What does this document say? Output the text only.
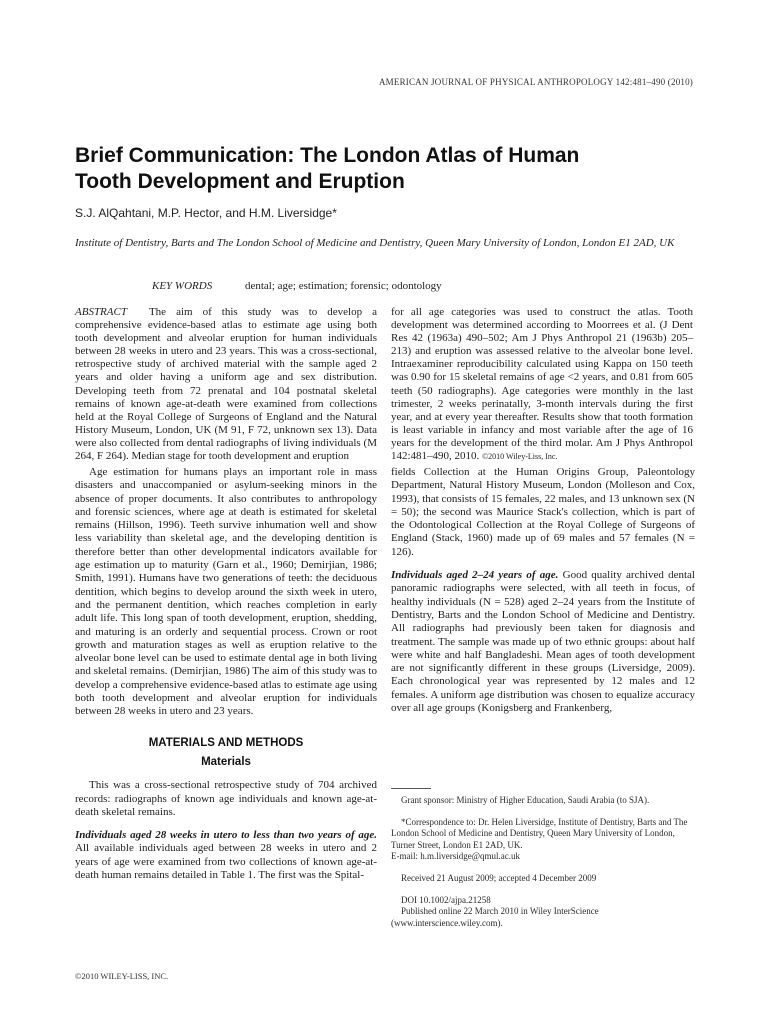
AMERICAN JOURNAL OF PHYSICAL ANTHROPOLOGY 142:481–490 (2010)
Brief Communication: The London Atlas of Human
Tooth Development and Eruption
S.J. AlQahtani, M.P. Hector, and H.M. Liversidge*
Institute of Dentistry, Barts and The London School of Medicine and Dentistry, Queen Mary University of London, London E1 2AD, UK
KEY WORDS	dental; age; estimation; forensic; odontology
ABSTRACT The aim of this study was to develop a comprehensive evidence-based atlas to estimate age using both tooth development and alveolar eruption for human individuals between 28 weeks in utero and 23 years. This was a cross-sectional, retrospective study of archived material with the sample aged 2 years and older having a uniform age and sex distribution. Developing teeth from 72 prenatal and 104 postnatal skeletal remains of known age-at-death were examined from collections held at the Royal College of Surgeons of England and the Natural History Museum, London, UK (M 91, F 72, unknown sex 13). Data were also collected from dental radiographs of living individuals (M 264, F 264). Median stage for tooth development and eruption
for all age categories was used to construct the atlas. Tooth development was determined according to Moorrees et al. (J Dent Res 42 (1963a) 490–502; Am J Phys Anthropol 21 (1963b) 205–213) and eruption was assessed relative to the alveolar bone level. Intraexaminer reproducibility calculated using Kappa on 150 teeth was 0.90 for 15 skeletal remains of age <2 years, and 0.81 from 605 teeth (50 radiographs). Age categories were monthly in the last trimester, 2 weeks perinatally, 3-month intervals during the first year, and at every year thereafter. Results show that tooth formation is least variable in infancy and most variable after the age of 16 years for the development of the third molar. Am J Phys Anthropol 142:481–490, 2010. ©2010 Wiley-Liss, Inc.

Age estimation for humans plays an important role in mass disasters and unaccompanied or asylum-seeking minors in the absence of proper documents. It also contributes to anthropology and forensic sciences, where age at death is estimated for skeletal remains (Hillson, 1996). Teeth survive inhumation well and show less variability than skeletal age, and the developing dentition is therefore better than other developmental indicators available for age estimation up to maturity (Garn et al., 1960; Demirjian, 1986; Smith, 1991). Humans have two generations of teeth: the deciduous dentition, which begins to develop around the sixth week in utero, and the permanent dentition, which reaches completion in early adult life. This long span of tooth development, eruption, shedding, and maturing is an orderly and sequential process. Crown or root growth and maturation stages as well as eruption relative to the alveolar bone level can be used to estimate dental age in both living and skeletal remains. (Demirjian, 1986) The aim of this study was to develop a comprehensive evidence-based atlas to estimate age using both tooth development and alveolar eruption for individuals between 28 weeks in utero and 23 years.

MATERIALS AND METHODS
Materials

This was a cross-sectional retrospective study of 704 archived records: radiographs of known age individuals and known age-at-death skeletal remains.

Individuals aged 28 weeks in utero to less than two years of age. All available individuals aged between 28 weeks in utero and 2 years of age were examined from two collections of known age-at-death human remains detailed in Table 1. The first was the Spital-

fields Collection at the Human Origins Group, Paleontology Department, Natural History Museum, London (Molleson and Cox, 1993), that consists of 15 females, 22 males, and 13 unknown sex (N = 50); the second was Maurice Stack's collection, which is part of the Odontological Collection at the Royal College of Surgeons of England (Stack, 1960) made up of 69 males and 57 females (N = 126).

Individuals aged 2–24 years of age. Good quality archived dental panoramic radiographs were selected, with all teeth in focus, of healthy individuals (N = 528) aged 2–24 years from the Institute of Dentistry, Barts and the London School of Medicine and Dentistry. All radiographs had previously been taken for diagnosis and treatment. The sample was made up of two ethnic groups: about half were white and half Bangladeshi. Mean ages of tooth development are not significantly different in these groups (Liversidge, 2009). Each chronological year was represented by 12 males and 12 females. A uniform age distribution was chosen to equalize accuracy over all age groups (Konigsberg and Frankenberg,

Grant sponsor: Ministry of Higher Education, Saudi Arabia (to SJA).

*Correspondence to: Dr. Helen Liversidge, Institute of Dentistry, Barts and The London School of Medicine and Dentistry, Queen Mary University of London, Turner Street, London E1 2AD, UK.

E-mail: h.m.liversidge@qmul.ac.uk

Received 21 August 2009; accepted 4 December 2009

DOI 10.1002/ajpa.21258

Published online 22 March 2010 in Wiley InterScience (www.interscience.wiley.com).

©2010 WILEY-LISS, INC.
